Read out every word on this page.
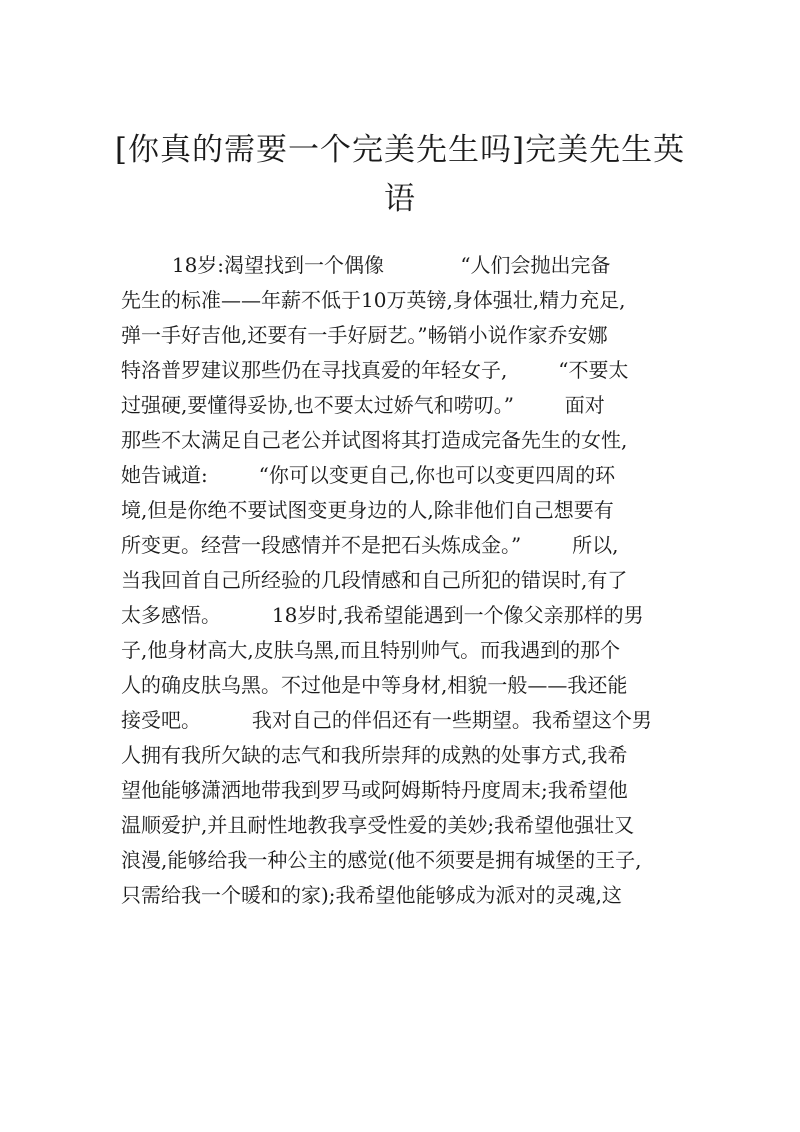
[你真的需要一个完美先生吗]完美先生英
语
18岁:渴望找到一个偶像            “人们会抛出完备
先生的标准——年薪不低于10万英镑,身体强壮,精力充足,
弹一手好吉他,还要有一手好厨艺。”畅销小说作家乔安娜
特洛普罗建议那些仍在寻找真爱的年轻女子,        “不要太
过强硬,要懂得妥协,也不要太过娇气和唠叨。”        面对
那些不太满足自己老公并试图将其打造成完备先生的女性,
她告诫道:        “你可以变更自己,你也可以变更四周的环
境,但是你绝不要试图变更身边的人,除非他们自己想要有
所变更。经营一段感情并不是把石头炼成金。”        所以,
当我回首自己所经验的几段情感和自己所犯的错误时,有了
太多感悟。        18岁时,我希望能遇到一个像父亲那样的男
子,他身材高大,皮肤乌黑,而且特别帅气。而我遇到的那个
人的确皮肤乌黑。不过他是中等身材,相貌一般——我还能
接受吧。        我对自己的伴侣还有一些期望。我希望这个男
人拥有我所欠缺的志气和我所崇拜的成熟的处事方式,我希
望他能够潇洒地带我到罗马或阿姆斯特丹度周末;我希望他
温顺爱护,并且耐性地教我享受性爱的美妙;我希望他强壮又
浪漫,能够给我一种公主的感觉(他不须要是拥有城堡的王子,
只需给我一个暖和的家);我希望他能够成为派对的灵魂,这
